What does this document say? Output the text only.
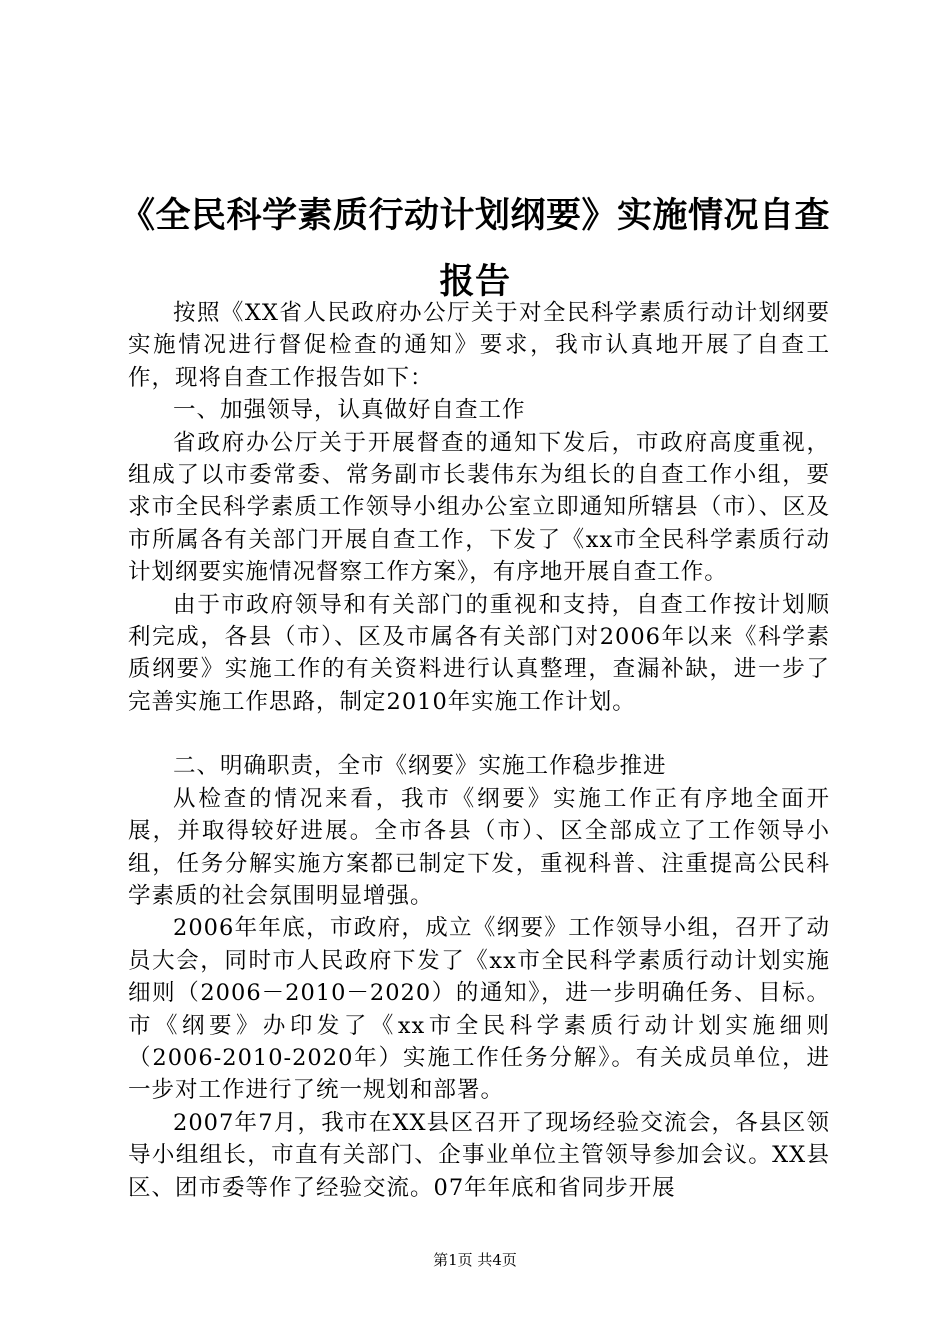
《全民科学素质行动计划纲要》实施情况自查报告

按照《XX省人民政府办公厅关于对全民科学素质行动计划纲要实施情况进行督促检查的通知》要求，我市认真地开展了自查工作，现将自查工作报告如下：

一、加强领导，认真做好自查工作

省政府办公厅关于开展督查的通知下发后，市政府高度重视，组成了以市委常委、常务副市长裴伟东为组长的自查工作小组，要求市全民科学素质工作领导小组办公室立即通知所辖县（市）、区及市所属各有关部门开展自查工作，下发了《xx市全民科学素质行动计划纲要实施情况督察工作方案》，有序地开展自查工作。

由于市政府领导和有关部门的重视和支持，自查工作按计划顺利完成，各县（市）、区及市属各有关部门对2006年以来《科学素质纲要》实施工作的有关资料进行认真整理，查漏补缺，进一步了完善实施工作思路，制定2010年实施工作计划。

二、明确职责，全市《纲要》实施工作稳步推进

从检查的情况来看，我市《纲要》实施工作正有序地全面开展，并取得较好进展。全市各县（市）、区全部成立了工作领导小组，任务分解实施方案都已制定下发，重视科普、注重提高公民科学素质的社会氛围明显增强。

2006年年底，市政府，成立《纲要》工作领导小组，召开了动员大会，同时市人民政府下发了《xx市全民科学素质行动计划实施细则（2006－2010－2020）的通知》，进一步明确任务、目标。市《纲要》办印发了《xx市全民科学素质行动计划实施细则（2006-2010-2020年）实施工作任务分解》。有关成员单位，进一步对工作进行了统一规划和部署。

2007年7月，我市在XX县区召开了现场经验交流会，各县区领导小组组长，市直有关部门、企事业单位主管领导参加会议。XX县区、团市委等作了经验交流。07年年底和省同步开展

第1页 共4页
